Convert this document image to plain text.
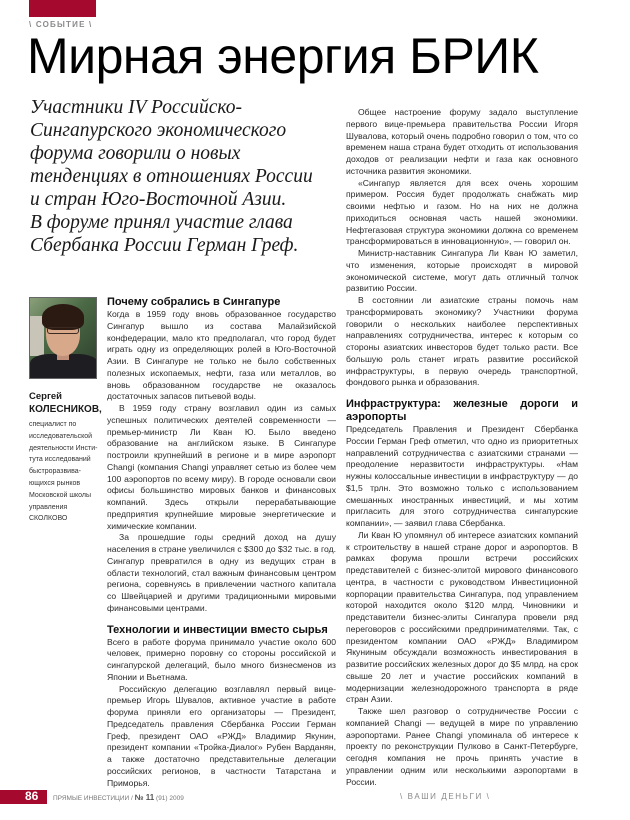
\ СОБЫТИЕ \
Мирная энергия БРИК
Участники IV Российско-
Сингапурского экономического
форума говорили о новых
тенденциях в отношениях России
и стран Юго-Восточной Азии.
В форуме принял участие глава
Сбербанка России Герман Греф.
Сергей
КОЛЕСНИКОВ,
специалист по
исследовательской
деятельности Инсти-
тута исследований
быстроразвива-
ющихся рынков
Московской школы
управления
СКОЛКОВО
Почему собрались в Сингапуре

Когда в 1959 году вновь образованное государство Сингапур вышло из состава Малайзийской конфедерации, мало кто предполагал, что город будет играть одну из определяющих ролей в Юго-Восточной Азии. В Сингапуре не только не было собственных полезных ископаемых, нефти, газа или металлов, во вновь образованном государстве не оказалось достаточных запасов питьевой воды.

В 1959 году страну возглавил один из самых успешных политических деятелей современности — премьер-министр Ли Кван Ю. Было введено образование на английском языке. В Сингапуре построили крупнейший в регионе и в мире аэропорт Changi (компания Changi управляет сетью из более чем 100 аэропортов по всему миру). В городе основали свои офисы большинство мировых банков и финансовых компаний. Здесь открыли перерабатывающие предприятия крупнейшие мировые энергетические и химические компании.

За прошедшие годы средний доход на душу населения в стране увеличился с $300 до $32 тыс. в год. Сингапур превратился в одну из ведущих стран в области технологий, стал важным финансовым центром региона, соревнуясь в привлечении частного капитала со Швейцарией и другими традиционными мировыми финансовыми центрами.

Технологии и инвестиции вместо сырья

Всего в работе форума принимало участие около 600 человек, примерно поровну со стороны российской и сингапурской делегаций, было много бизнесменов из Японии и Вьетнама.

Российскую делегацию возглавлял первый вице-премьер Игорь Шувалов, активное участие в работе форума приняли его организаторы — Президент, Председатель правления Сбербанка России Герман Греф, президент ОАО «РЖД» Владимир Якунин, президент компании «Тройка-Диалог» Рубен Варданян, а также достаточно представительные делегации российских регионов, в частности Татарстана и Приморья.

Общее настроение форуму задало выступление первого вице-премьера правительства России Игоря Шувалова, который очень подробно говорил о том, что со временем наша страна будет отходить от использования доходов от реализации нефти и газа как основного источника развития экономики.

«Сингапур является для всех очень хорошим примером. Россия будет продолжать снабжать мир своими нефтью и газом. Но на них не должна приходиться основная часть нашей экономики. Нефтегазовая структура экономики должна со временем трансформироваться в инновационную», — говорил он.

Министр-наставник Сингапура Ли Кван Ю заметил, что изменения, которые происходят в мировой экономической системе, могут дать отличный толчок развитию России.

В состоянии ли азиатские страны помочь нам трансформировать экономику? Участники форума говорили о нескольких наиболее перспективных направлениях сотрудничества, интерес к которым со стороны азиатских инвесторов будет только расти. Все большую роль станет играть развитие российской инфраструктуры, в первую очередь транспортной, фондового рынка и образования.

Инфраструктура: железные дороги и аэропорты

Председатель Правления и Президент Сбербанка России Герман Греф отметил, что одно из приоритетных направлений сотрудничества с азиатскими странами — преодоление неразвитости инфраструктуры. «Нам нужны колоссальные инвестиции в инфраструктуру — до $1,5 трлн. Это возможно только с использованием смешанных иностранных инвестиций, и мы хотим пригласить для этого сотрудничества сингапурские компании», — заявил глава Сбербанка.

Ли Кван Ю упомянул об интересе азиатских компаний к строительству в нашей стране дорог и аэропортов. В рамках форума прошли встречи российских представителей с бизнес-элитой мирового финансового центра, в частности с руководством Инвестиционной корпорации правительства Сингапура, под управлением которой находится около $120 млрд. Чиновники и представители бизнес-элиты Сингапура провели ряд переговоров с российскими предпринимателями. Так, с президентом компании ОАО «РЖД» Владимиром Якуниным обсуждали возможность инвестирования в развитие российских железных дорог до $5 млрд. на срок свыше 20 лет и участие российских компаний в модернизации железнодорожного транспорта в ряде стран Азии.

Также шел разговор о сотрудничестве России с компанией Changi — ведущей в мире по управлению аэропортами. Ранее Changi упоминала об интересе к проекту по реконструкции Пулково в Санкт-Петербурге, сегодня компания не прочь принять участие в управлении одним или несколькими аэропортами в России.

86 ПРЯМЫЕ ИНВЕСТИЦИИ / № 11 (91) 2009	\ ВАШИ ДЕНЬГИ \
